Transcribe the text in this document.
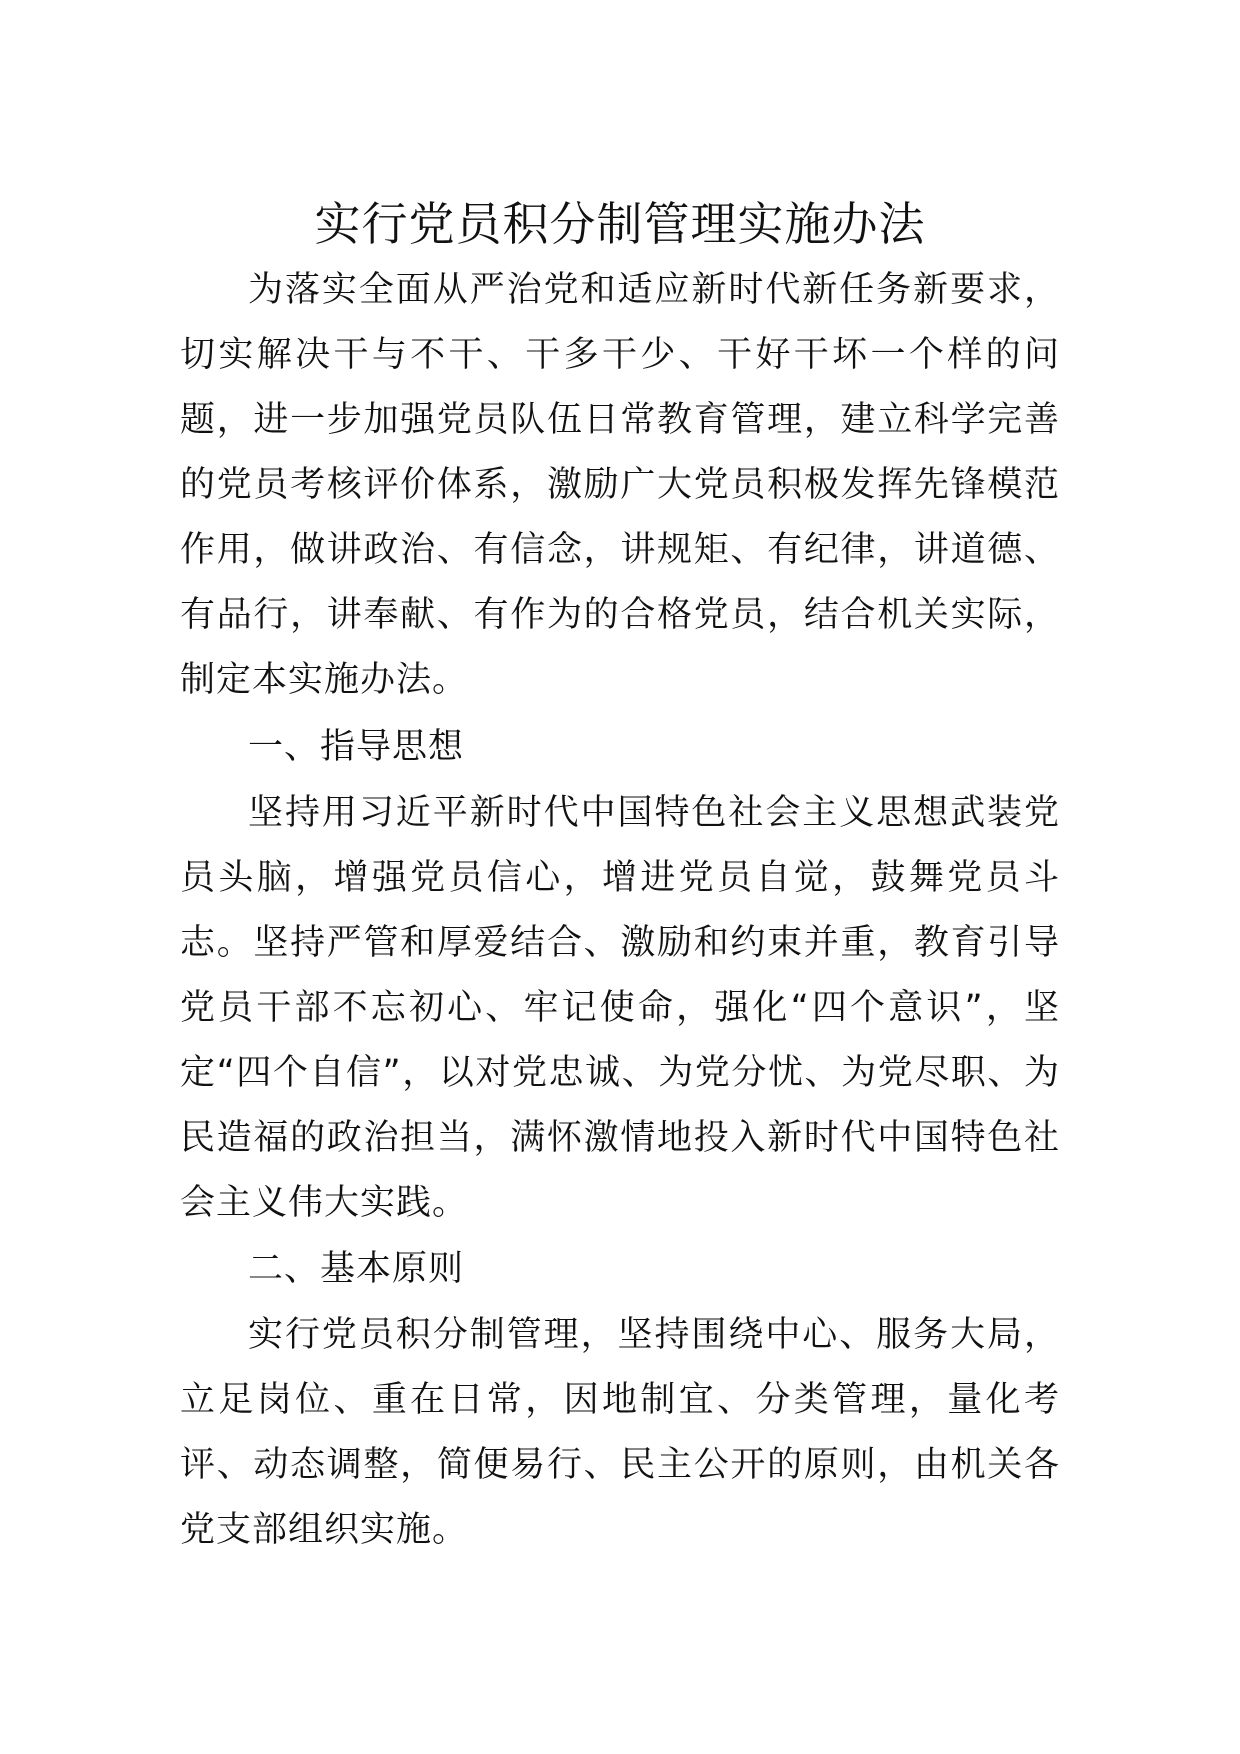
实行党员积分制管理实施办法

为落实全面从严治党和适应新时代新任务新要求，切实解决干与不干、干多干少、干好干坏一个样的问题，进一步加强党员队伍日常教育管理，建立科学完善的党员考核评价体系，激励广大党员积极发挥先锋模范作用，做讲政治、有信念，讲规矩、有纪律，讲道德、有品行，讲奉献、有作为的合格党员，结合机关实际，制定本实施办法。

一、指导思想

坚持用习近平新时代中国特色社会主义思想武装党员头脑，增强党员信心，增进党员自觉，鼓舞党员斗志。坚持严管和厚爱结合、激励和约束并重，教育引导党员干部不忘初心、牢记使命，强化“四个意识”，坚定“四个自信”，以对党忠诚、为党分忧、为党尽职、为民造福的政治担当，满怀激情地投入新时代中国特色社会主义伟大实践。

二、基本原则

实行党员积分制管理，坚持围绕中心、服务大局，立足岗位、重在日常，因地制宜、分类管理，量化考评、动态调整，简便易行、民主公开的原则，由机关各党支部组织实施。
